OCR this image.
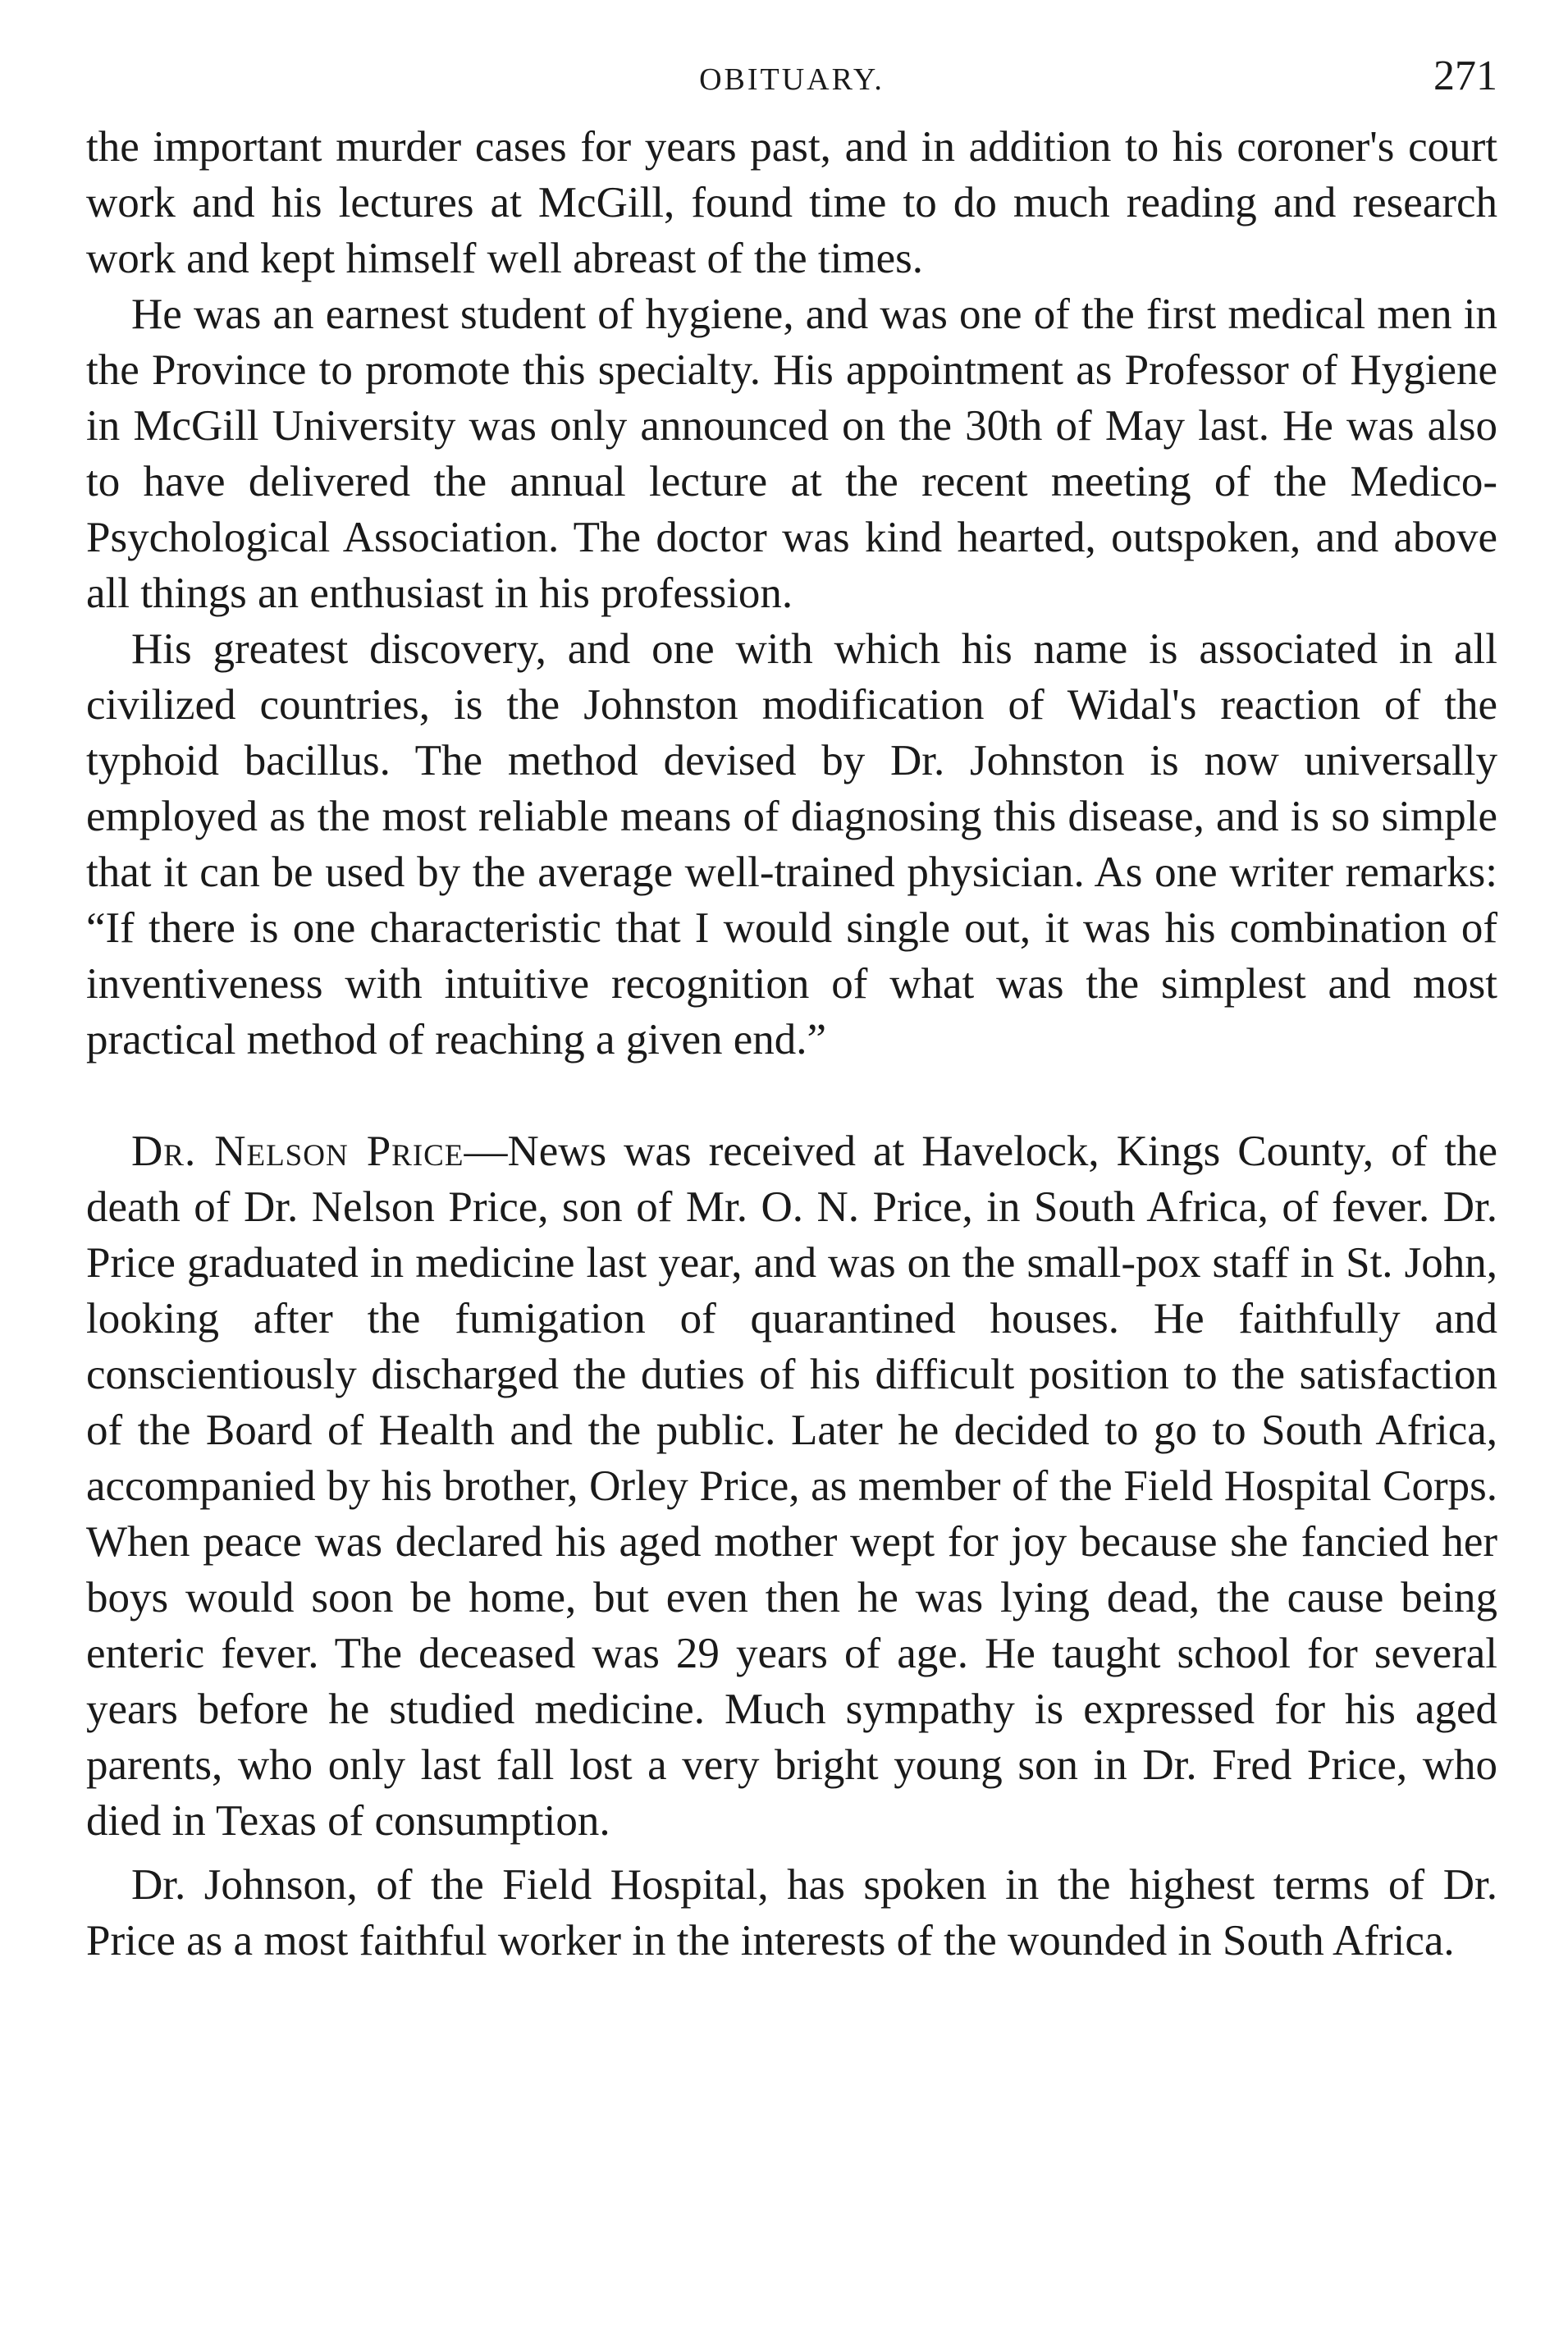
OBITUARY.	271

the important murder cases for years past, and in addition to his coroner's court work and his lectures at McGill, found time to do much reading and research work and kept himself well abreast of the times.

He was an earnest student of hygiene, and was one of the first medical men in the Province to promote this specialty. His appointment as Professor of Hygiene in McGill University was only announced on the 30th of May last. He was also to have delivered the annual lecture at the recent meeting of the Medico-Psychological Association. The doctor was kind hearted, outspoken, and above all things an enthusiast in his profession.

His greatest discovery, and one with which his name is associated in all civilized countries, is the Johnston modification of Widal's reaction of the typhoid bacillus. The method devised by Dr. Johnston is now universally employed as the most reliable means of diagnosing this disease, and is so simple that it can be used by the average well-trained physician. As one writer remarks: “If there is one characteristic that I would single out, it was his combination of inventiveness with intuitive recognition of what was the simplest and most practical method of reaching a given end.”

Dr. Nelson Price—News was received at Havelock, Kings County, of the death of Dr. Nelson Price, son of Mr. O. N. Price, in South Africa, of fever. Dr. Price graduated in medicine last year, and was on the small-pox staff in St. John, looking after the fumigation of quarantined houses. He faithfully and conscientiously discharged the duties of his difficult position to the satisfaction of the Board of Health and the public. Later he decided to go to South Africa, accompanied by his brother, Orley Price, as member of the Field Hospital Corps. When peace was declared his aged mother wept for joy because she fancied her boys would soon be home, but even then he was lying dead, the cause being enteric fever. The deceased was 29 years of age. He taught school for several years before he studied medicine. Much sympathy is expressed for his aged parents, who only last fall lost a very bright young son in Dr. Fred Price, who died in Texas of consumption.

Dr. Johnson, of the Field Hospital, has spoken in the highest terms of Dr. Price as a most faithful worker in the interests of the wounded in South Africa.
